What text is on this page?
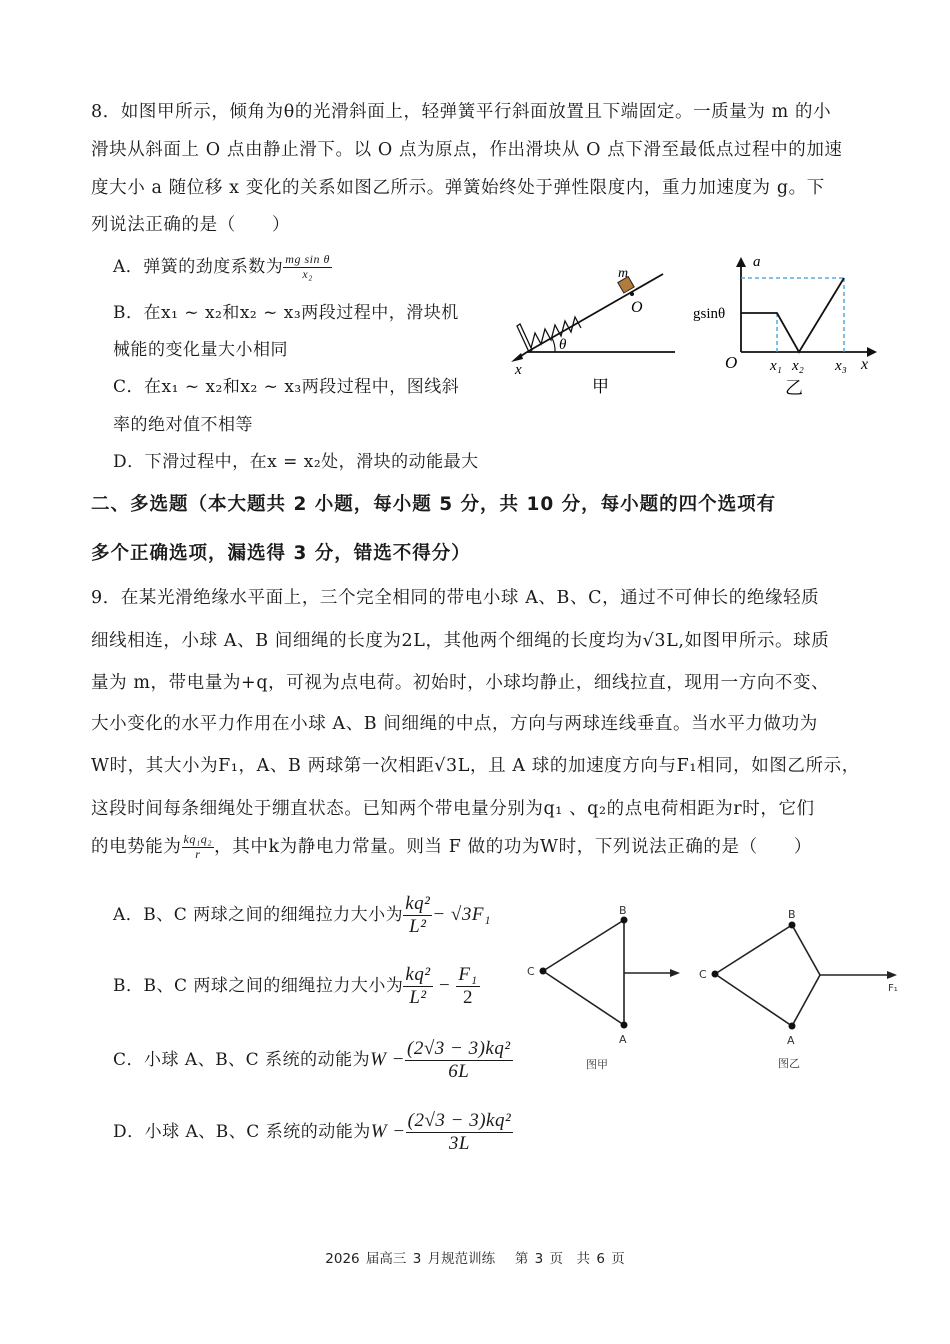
8．如图甲所示，倾角为θ的光滑斜面上，轻弹簧平行斜面放置且下端固定。一质量为 m 的小
滑块从斜面上 O 点由静止滑下。以 O 点为原点，作出滑块从 O 点下滑至最低点过程中的加速
度大小 a 随位移 x 变化的关系如图乙所示。弹簧始终处于弹性限度内，重力加速度为 g。下
列说法正确的是（　　）
A．弹簧的劲度系数为 $\frac{\text{mg sin θ}}{\text{x₂}}$
B．在x₁ ~ x₂和x₂ ~ x₃两段过程中，滑块机
械能的变化量大小相同
C．在x₁ ~ x₂和x₂ ~ x₃两段过程中，图线斜
率的绝对值不相等
D．下滑过程中，在x = x₂处，滑块的动能最大
θ
m
O
x
甲
a
gsinθ
O x₁ x₂ x₃ x
乙
二、多选题（本大题共 2 小题，每小题 5 分，共 10 分，每小题的四个选项有
多个正确选项，漏选得 3 分，错选不得分）
9．在某光滑绝缘水平面上，三个完全相同的带电小球 A、B、C，通过不可伸长的绝缘轻质
细线相连，小球 A、B 间细绳的长度为2L，其他两个细绳的长度均为√3L,如图甲所示。球质
量为 m，带电量为+q，可视为点电荷。初始时，小球均静止，细线拉直，现用一方向不变、
大小变化的水平力作用在小球 A、B 间细绳的中点，方向与两球连线垂直。当水平力做功为
W时，其大小为F₁，A、B 两球第一次相距√3L，且 A 球的加速度方向与F₁相同，如图乙所示，
这段时间每条细绳处于绷直状态。已知两个带电量分别为q₁ 、q₂的点电荷相距为r时，它们
的电势能为 $\frac{\text{kq₁q₂}}{r}$ ，其中k为静电力常量。则当 F 做的功为W时，下列说法正确的是（　　）
A．B、C 两球之间的细绳拉力大小为 $\frac{\text{kq²}}{\text{L²}} - √3F_1$
B．B、C 两球之间的细绳拉力大小为 $\frac{\text{kq²}}{\text{L²}} - \frac{\text{F₁}}{2}$
C．小球 A、B、C 系统的动能为$W - \frac{\text{(2√3 − 3)kq²}}{6L}$
D．小球 A、B、C 系统的动能为$W - \frac{\text{(2√3 − 3)kq²}}{3L}$
B
C
A
图甲
B
C
A
F₁
图乙
2026 届高三 3 月规范训练　 第 3 页　共 6 页
